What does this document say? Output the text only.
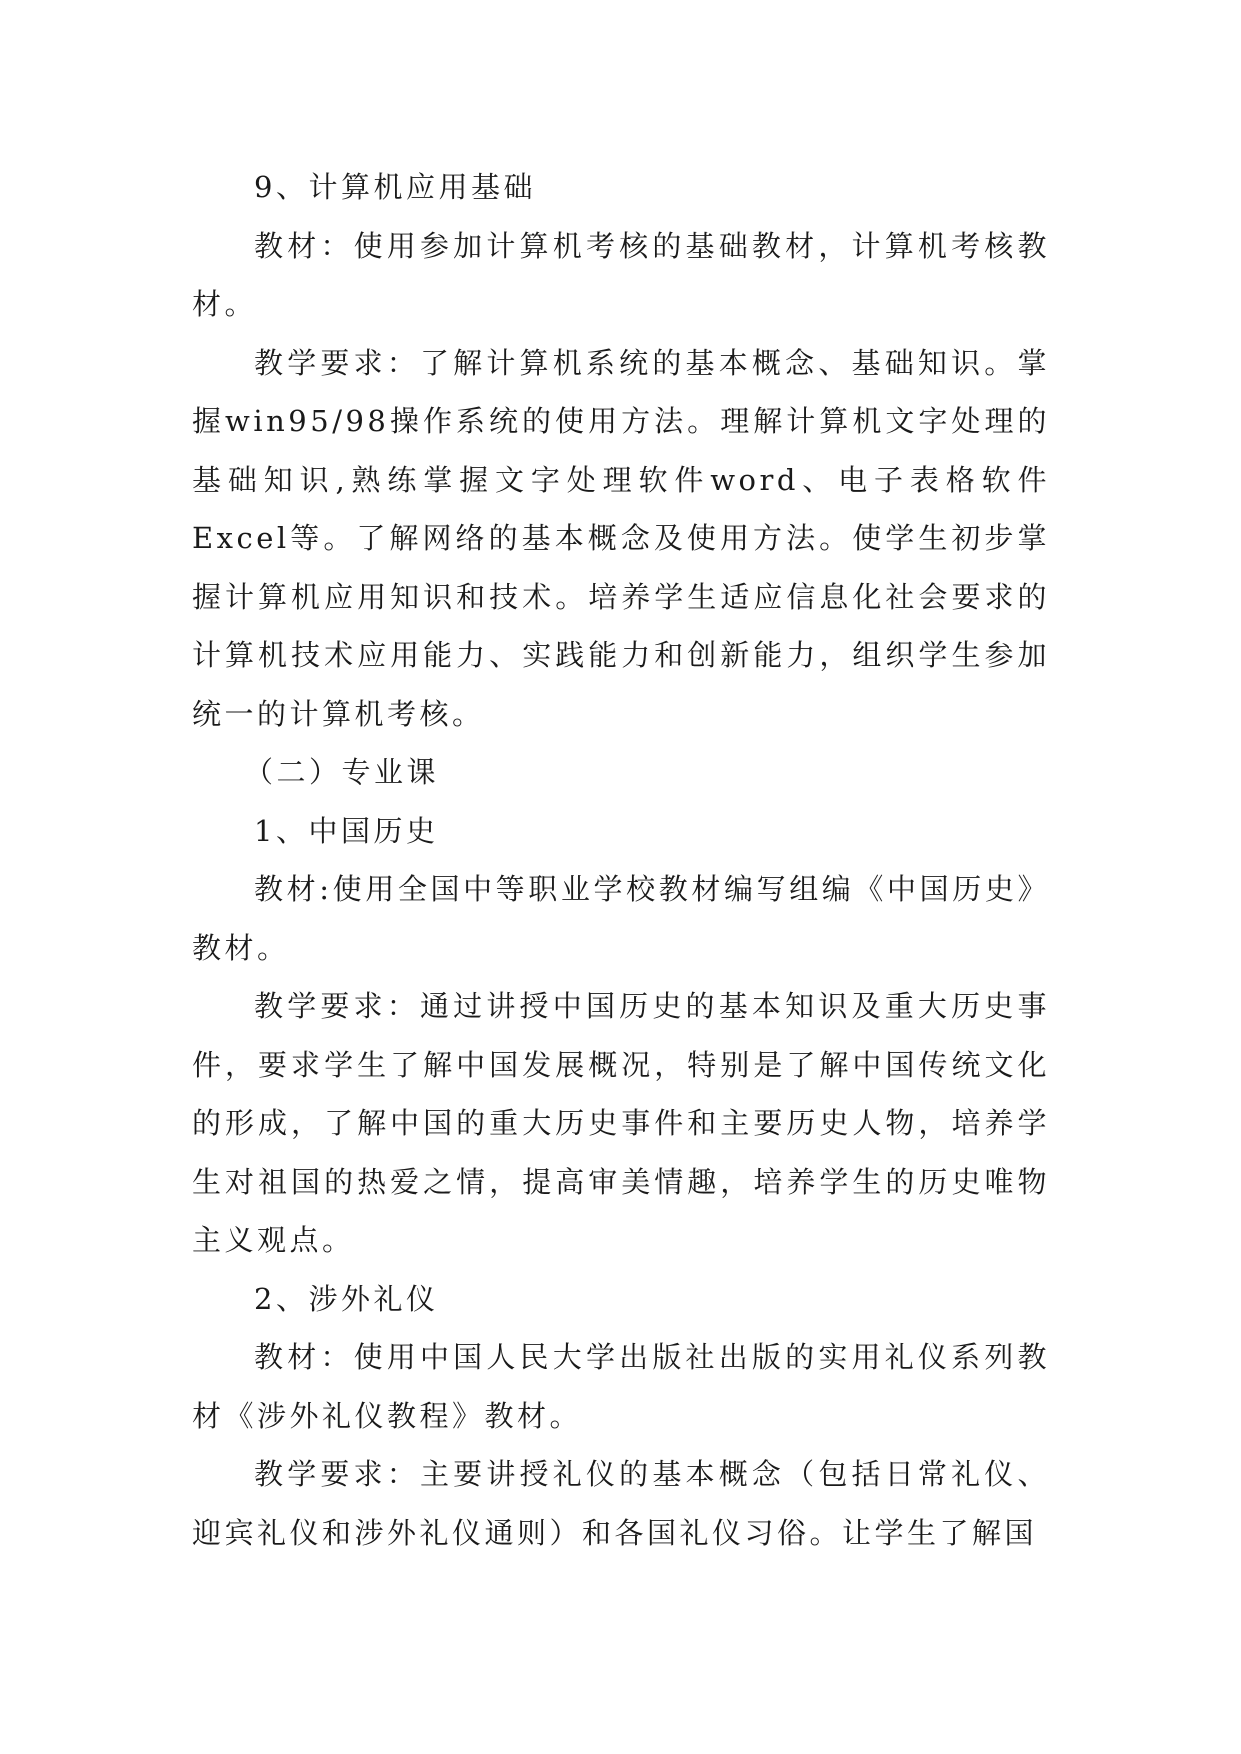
9、计算机应用基础

教材：使用参加计算机考核的基础教材，计算机考核教材。

教学要求：了解计算机系统的基本概念、基础知识。掌握win95/98操作系统的使用方法。理解计算机文字处理的基础知识,熟练掌握文字处理软件word、电子表格软件Excel等。了解网络的基本概念及使用方法。使学生初步掌握计算机应用知识和技术。培养学生适应信息化社会要求的计算机技术应用能力、实践能力和创新能力，组织学生参加统一的计算机考核。

（二）专业课

1、中国历史

教材:使用全国中等职业学校教材编写组编《中国历史》教材。

教学要求：通过讲授中国历史的基本知识及重大历史事件，要求学生了解中国发展概况，特别是了解中国传统文化的形成，了解中国的重大历史事件和主要历史人物，培养学生对祖国的热爱之情，提高审美情趣，培养学生的历史唯物主义观点。

2、涉外礼仪

教材：使用中国人民大学出版社出版的实用礼仪系列教材《涉外礼仪教程》教材。

教学要求：主要讲授礼仪的基本概念（包括日常礼仪、迎宾礼仪和涉外礼仪通则）和各国礼仪习俗。让学生了解国
